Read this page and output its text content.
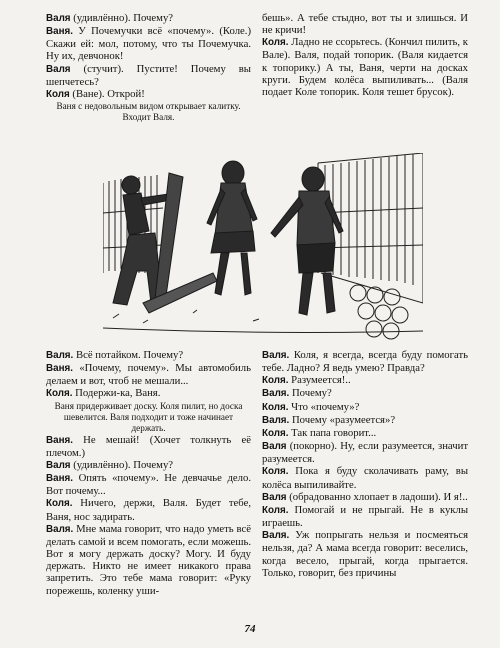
Валя (удивлённо). Почему?

Ваня. У Почемучки всё «почему». (Коле.) Скажи ей: мол, потому, что ты Почемучка. Ну их, девчонок!

Валя (стучит). Пустите! Почему вы шепчетесь?

Коля (Ване). Открой!

Ваня с недовольным видом открывает калитку. Входит Валя.

бешь». А тебе стыдно, вот ты и злишься. И не кричи!

Коля. Ладно не ссорьтесь. (Кончил пилить, к Вале). Валя, подай топорик. (Валя кидается к топорику.) А ты, Ваня, черти на досках круги. Будем колёса выпиливать... (Валя подает Коле топорик. Коля тешет брусок).

Валя. Всё потайком. Почему?

Ваня. «Почему, почему». Мы автомобиль делаем и вот, чтоб не мешали...

Коля. Подержи-ка, Ваня.

Ваня придерживает доску. Коля пилит, но доска шевелится. Валя подходит и тоже начинает держать.

Ваня. Не мешай! (Хочет толкнуть её плечом.)

Валя (удивлённо). Почему?

Ваня. Опять «почему». Не девчачье дело. Вот почему...

Коля. Ничего, держи, Валя. Будет тебе, Ваня, нос задирать.

Валя. Мне мама говорит, что надо уметь всё делать самой и всем помогать, если можешь. Вот я могу держать доску? Могу. И буду держать. Никто не имеет никакого права запретить. Это тебе мама говорит: «Руку порежешь, коленку уши-

Валя. Коля, я всегда, всегда буду помогать тебе. Ладно? Я ведь умею? Правда?

Коля. Разумеется!..

Валя. Почему?

Коля. Что «почему»?

Валя. Почему «разумеется»?

Коля. Так папа говорит...

Валя (покорно). Ну, если разумеется, значит разумеется.

Коля. Пока я буду сколачивать раму, вы колёса выпиливайте.

Валя (обрадованно хлопает в ладоши). И я!..

Коля. Помогай и не прыгай. Не в куклы играешь.

Валя. Уж попрыгать нельзя и посмеяться нельзя, да? А мама всегда говорит: веселись, когда весело, прыгай, когда прыгается. Только, говорит, без причины

74
